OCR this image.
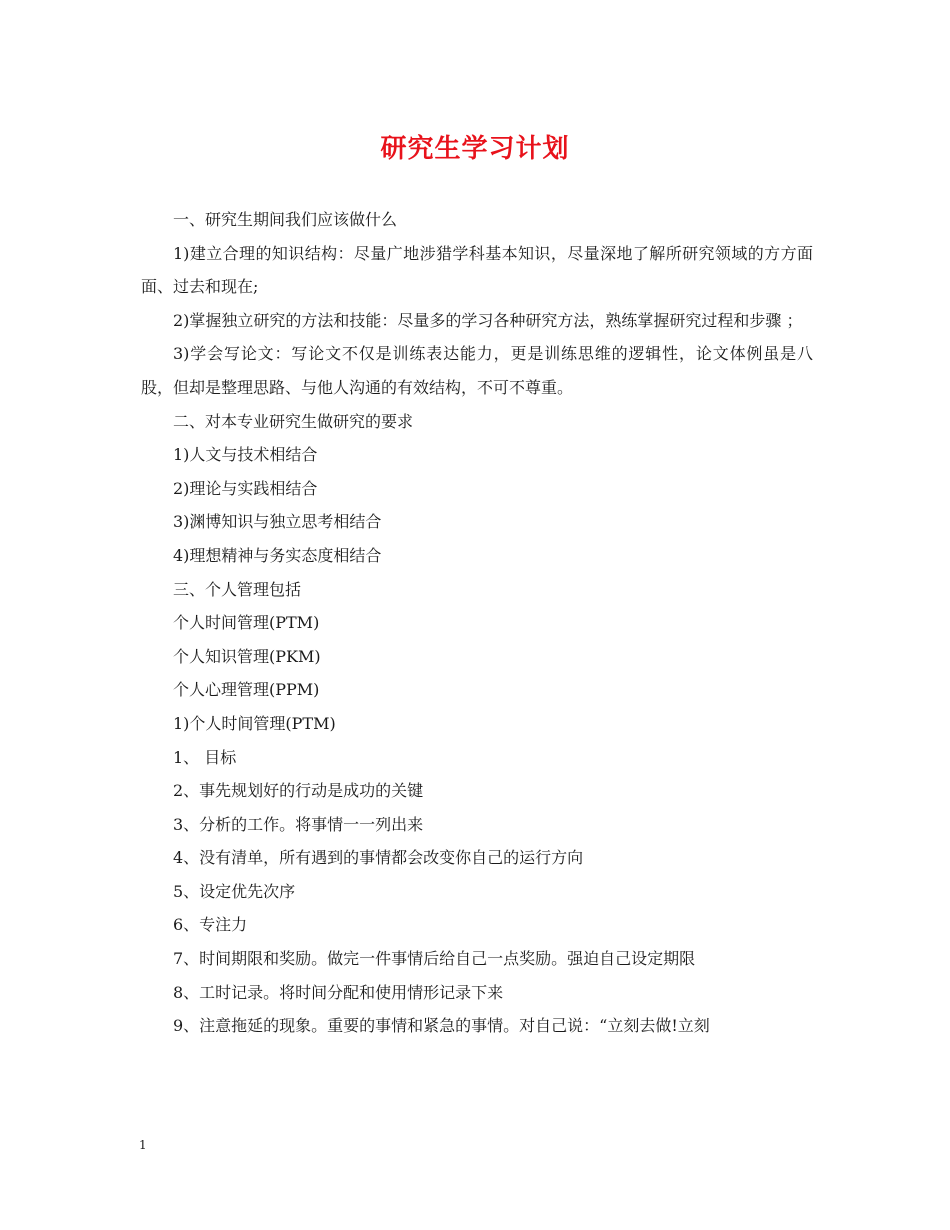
研究生学习计划

一、研究生期间我们应该做什么

1)建立合理的知识结构：尽量广地涉猎学科基本知识，尽量深地了解所研究领域的方方面面、过去和现在;

2)掌握独立研究的方法和技能：尽量多的学习各种研究方法，熟练掌握研究过程和步骤 ；

3)学会写论文：写论文不仅是训练表达能力，更是训练思维的逻辑性，论文体例虽是八股，但却是整理思路、与他人沟通的有效结构，不可不尊重。

二、对本专业研究生做研究的要求

1)人文与技术相结合

2)理论与实践相结合

3)渊博知识与独立思考相结合

4)理想精神与务实态度相结合

三、个人管理包括

个人时间管理(PTM)

个人知识管理(PKM)

个人心理管理(PPM)

1)个人时间管理(PTM)

1、 目标

2、事先规划好的行动是成功的关键

3、分析的工作。将事情一一列出来

4、没有清单，所有遇到的事情都会改变你自己的运行方向

5、设定优先次序

6、专注力

7、时间期限和奖励。做完一件事情后给自己一点奖励。强迫自己设定期限

8、工时记录。将时间分配和使用情形记录下来

9、注意拖延的现象。重要的事情和紧急的事情。对自己说：“立刻去做!立刻

1
